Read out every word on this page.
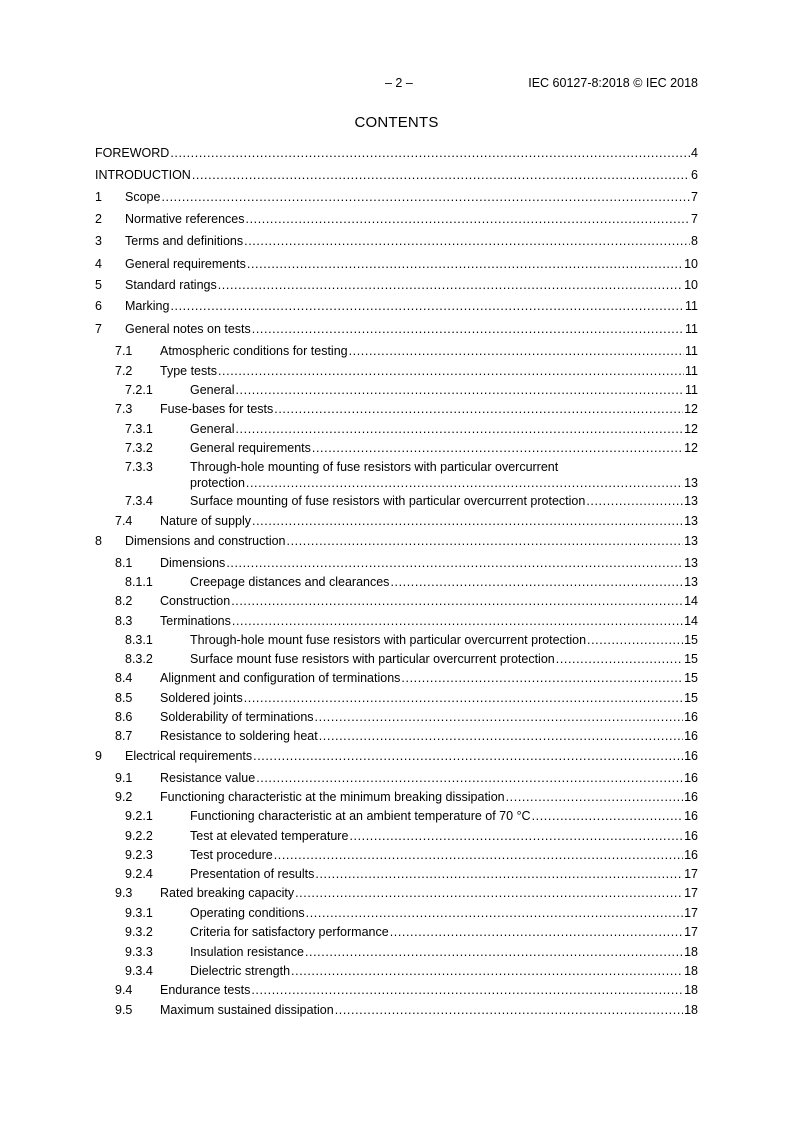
– 2 –	IEC 60127-8:2018 © IEC 2018
CONTENTS
FOREWORD .....	4
INTRODUCTION .....	6
1 Scope .....	7
2 Normative references .....	7
3 Terms and definitions .....	8
4 General requirements .....	10
5 Standard ratings .....	10
6 Marking .....	11
7 General notes on tests .....	11
7.1 Atmospheric conditions for testing .....	11
7.2 Type tests .....	11
7.2.1	General .....	11
7.3 Fuse-bases for tests .....	12
7.3.1	General .....	12
7.3.2	General requirements .....	12
7.3.3	Through-hole mounting of fuse resistors with particular overcurrent
protection .....	13
7.3.4	Surface mounting of fuse resistors with particular overcurrent protection .....	13
7.4 Nature of supply .....	13
8 Dimensions and construction .....	13
8.1 Dimensions .....	13
8.1.1	Creepage distances and clearances .....	13
8.2 Construction .....	14
8.3 Terminations .....	14
8.3.1	Through-hole mount fuse resistors with particular overcurrent protection .....	15
8.3.2	Surface mount fuse resistors with particular overcurrent protection .....	15
8.4 Alignment and configuration of terminations .....	15
8.5 Soldered joints .....	15
8.6 Solderability of terminations .....	16
8.7 Resistance to soldering heat .....	16
9 Electrical requirements .....	16
9.1 Resistance value .....	16
9.2 Functioning characteristic at the minimum breaking dissipation .....	16
9.2.1	Functioning characteristic at an ambient temperature of 70 °C .....	16
9.2.2	Test at elevated temperature .....	16
9.2.3	Test procedure .....	16
9.2.4	Presentation of results .....	17
9.3 Rated breaking capacity .....	17
9.3.1	Operating conditions .....	17
9.3.2	Criteria for satisfactory performance .....	17
9.3.3	Insulation resistance .....	18
9.3.4	Dielectric strength .....	18
9.4 Endurance tests .....	18
9.5 Maximum sustained dissipation .....	18
